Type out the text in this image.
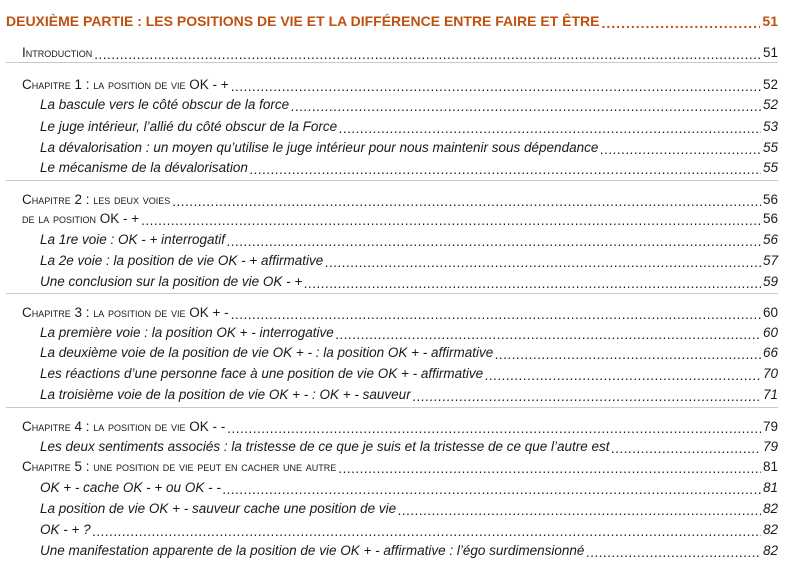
DEUXIÈME PARTIE : LES POSITIONS DE VIE ET LA DIFFÉRENCE ENTRE FAIRE ET ÊTRE .....	51
Introduction .....	51
Chapitre 1 : la position de vie OK - + .....	52
La bascule vers le côté obscur de la force .....	52
Le juge intérieur, l’allié du côté obscur de la Force .....	53
La dévalorisation : un moyen qu’utilise le juge intérieur pour nous maintenir sous dépendance .....	55
Le mécanisme de la dévalorisation .....	55
Chapitre 2 : les deux voies .....	56
de la position OK - + .....	56
La 1re voie : OK - + interrogatif .....	56
La 2e voie : la position de vie OK - + affirmative .....	57
Une conclusion sur la position de vie OK - + .....	59
Chapitre 3 : la position de vie OK + - .....	60
La première voie : la position OK + - interrogative .....	60
La deuxième voie de la position de vie OK + - : la position OK + - affirmative .....	66
Les réactions d’une personne face à une position de vie OK + - affirmative .....	70
La troisième voie de la position de vie OK + - : OK + - sauveur .....	71
Chapitre 4 : la position de vie OK - - .....	79
Les deux sentiments associés : la tristesse de ce que je suis et la tristesse de ce que l’autre est .....	79
Chapitre 5 : une position de vie peut en cacher une autre .....	81
OK + - cache OK - + ou OK - - .....	81
La position de vie OK + - sauveur cache une position de vie .....	82
OK - + ? .....	82
Une manifestation apparente de la position de vie OK + - affirmative : l’égo surdimensionné .....	82
